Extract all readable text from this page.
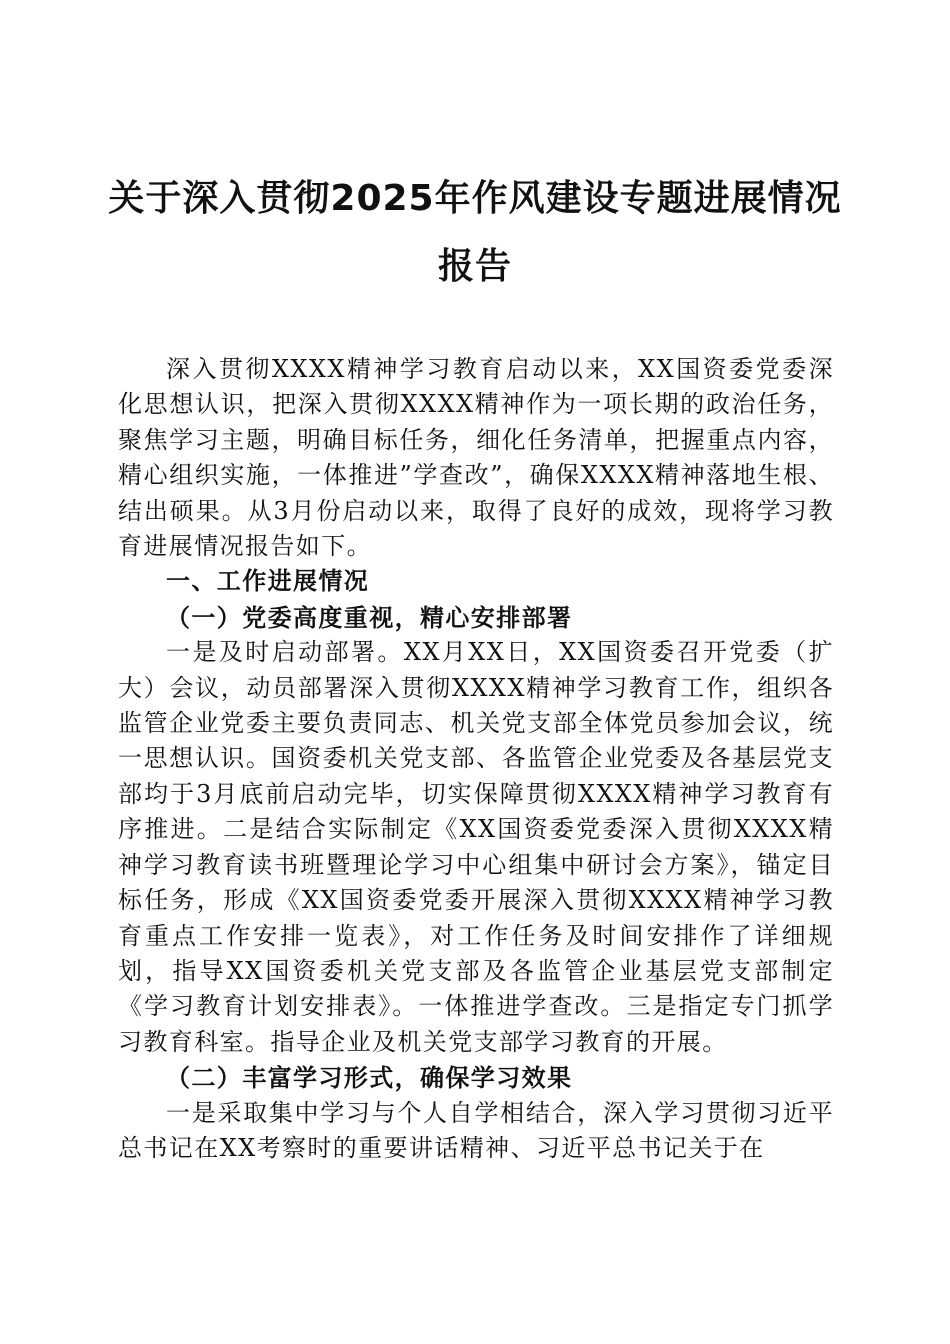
关于深入贯彻2025年作风建设专题进展情况
报告

深入贯彻XXXX精神学习教育启动以来，XX国资委党委深化思想认识，把深入贯彻XXXX精神作为一项长期的政治任务，聚焦学习主题，明确目标任务，细化任务清单，把握重点内容，精心组织实施，一体推进”学查改”，确保XXXX精神落地生根、结出硕果。从3月份启动以来，取得了良好的成效，现将学习教育进展情况报告如下。

一、工作进展情况

（一）党委高度重视，精心安排部署

一是及时启动部署。XX月XX日，XX国资委召开党委（扩大）会议，动员部署深入贯彻XXXX精神学习教育工作，组织各监管企业党委主要负责同志、机关党支部全体党员参加会议，统一思想认识。国资委机关党支部、各监管企业党委及各基层党支部均于3月底前启动完毕，切实保障贯彻XXXX精神学习教育有序推进。二是结合实际制定《XX国资委党委深入贯彻XXXX精神学习教育读书班暨理论学习中心组集中研讨会方案》，锚定目标任务，形成《XX国资委党委开展深入贯彻XXXX精神学习教育重点工作安排一览表》，对工作任务及时间安排作了详细规划，指导XX国资委机关党支部及各监管企业基层党支部制定《学习教育计划安排表》。一体推进学查改。三是指定专门抓学习教育科室。指导企业及机关党支部学习教育的开展。

（二）丰富学习形式，确保学习效果

一是采取集中学习与个人自学相结合，深入学习贯彻习近平总书记在XX考察时的重要讲话精神、习近平总书记关于在
